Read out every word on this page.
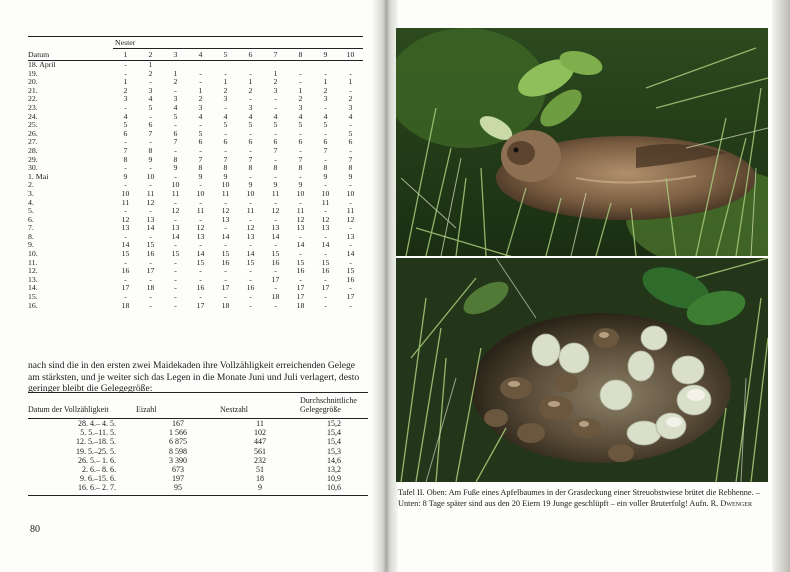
	Nester									
Datum	1	2	3	4	5	6	7	8	9	10
18. April	-	1								
19.	-	2	1	-	-	-	1	-	-	-
20.	1	-	2	-	1	1	2	-	1	1
21.	2	3	-	1	2	2	3	1	2	-
22.	3	4	3	2	3	-	-	2	3	2
23.	-	5	4	3	-	3	-	3	-	3
24.	4	-	5	4	4	4	4	4	4	4
25.	5	6	-	-	5	5	5	5	5	-
26.	6	7	6	5	-	-	-	-	-	5
27.	-	-	7	6	6	6	6	6	6	6
28.	7	8	-	-	-	-	7	-	7	-
29.	8	9	8	7	7	7	-	7	-	7
30.	-	-	9	8	8	8	8	8	8	8
1. Mai	9	10	-	9	9	-	-	-	9	9
2.	-	-	10	-	10	9	9	9	-	-
3.	10	11	11	10	11	10	11	10	10	10
4.	11	12	-	-	-	-	-	-	11	-
5.	-	-	12	11	12	11	12	11	-	11
6.	12	13	-	-	13	-	-	12	12	12
7.	13	14	13	12	-	12	13	13	13	-
8.	-	-	14	13	14	13	14	-	-	13
9.	14	15	-	-	-	-	-	14	14	-
10.	15	16	15	14	15	14	15	-	-	14
11.	-	-	-	15	16	15	16	15	15	-
12.	16	17	-	-	-	-	-	16	16	15
13.	-	-	-	-	-	-	17	-	-	16
14.	17	18	-	16	17	16	-	17	17	-
15.	-	-	-	-	-	-	18	17	-	17
16.	18	-	-	17	18	-	-	18	-	-
nach sind die in den ersten zwei Maidekaden ihre Vollzähligkeit erreichenden Gelege am stärksten, und je weiter sich das Legen in die Monate Juni und Juli verlagert, desto geringer bleibt die Gelegegröße:
Datum der Vollzähligkeit	Eizahl	Nestzahl	Durchschnittliche Gelegegröße
28. 4.– 4. 5.	167	11	15,2
5. 5.–11. 5.	1 566	102	15,4
12. 5.–18. 5.	6 875	447	15,4
19. 5.–25. 5.	8 598	561	15,3
26. 5.– 1. 6.	3 390	232	14,6
2. 6.– 8. 6.	673	51	13,2
9. 6.–15. 6.	197	18	10,9
16. 6.– 2. 7.	95	9	10,6
80
Tafel II. Oben: Am Fuße eines Apfelbaumes in der Grasdeckung einer Streuobstwiese brütet die Rebhenne. – Unten: 8 Tage später sind aus den 20 Eiern 19 Junge geschlüpft – ein voller Bruterfolg! Aufn. R. Dwenger
